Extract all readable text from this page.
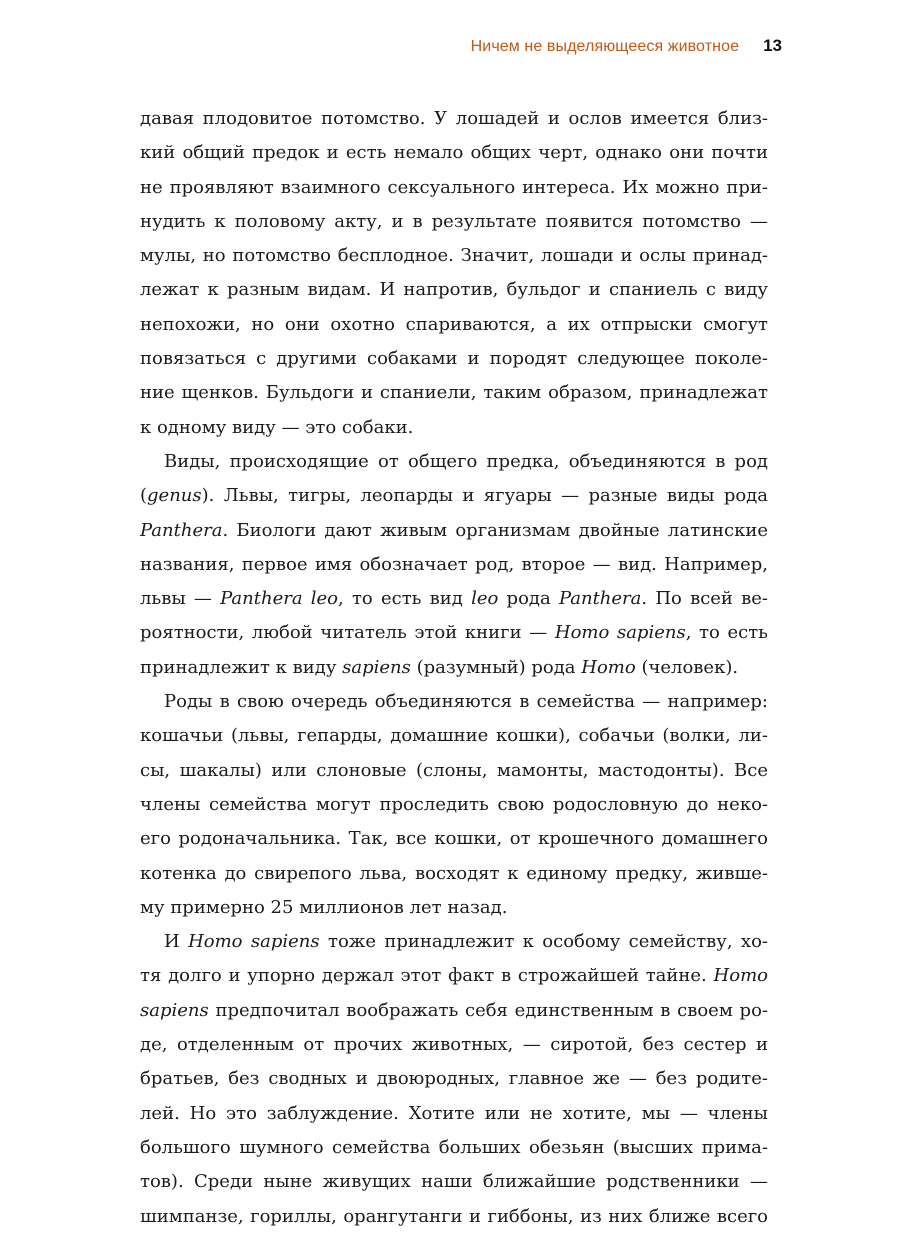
Ничем не выделяющееся животное 13
давая плодовитое потомство. У лошадей и ослов имеется близ-
кий общий предок и есть немало общих черт, однако они почти
не проявляют взаимного сексуального интереса. Их можно при-
нудить к половому акту, и в результате появится потомство —
мулы, но потомство бесплодное. Значит, лошади и ослы принад-
лежат к разным видам. И напротив, бульдог и спаниель с виду
непохожи, но они охотно спариваются, а их отпрыски смогут
повязаться с другими собаками и породят следующее поколе-
ние щенков. Бульдоги и спаниели, таким образом, принадлежат
к одному виду — это собаки.
Виды, происходящие от общего предка, объединяются в род
(genus). Львы, тигры, леопарды и ягуары — разные виды рода
Panthera. Биологи дают живым организмам двойные латинские
названия, первое имя обозначает род, второе — вид. Например,
львы — Panthera leo, то есть вид leo рода Panthera. По всей ве-
роятности, любой читатель этой книги — Homo sapiens, то есть
принадлежит к виду sapiens (разумный) рода Homo (человек).
Роды в свою очередь объединяются в семейства — например:
кошачьи (львы, гепарды, домашние кошки), собачьи (волки, ли-
сы, шакалы) или слоновые (слоны, мамонты, мастодонты). Все
члены семейства могут проследить свою родословную до неко-
его родоначальника. Так, все кошки, от крошечного домашнего
котенка до свирепого льва, восходят к единому предку, жившe-
му примерно 25 миллионов лет назад.
И Homo sapiens тоже принадлежит к особому семейству, хо-
тя долго и упорно держал этот факт в строжайшей тайне. Homo
sapiens предпочитал воображать себя единственным в своем ро-
де, отделенным от прочих животных, — сиротой, без сестер и
братьев, без сводных и двоюродных, главное же — без родите-
лей. Но это заблуждение. Хотите или не хотите, мы — члены
большого шумного семейства больших обезьян (высших прима-
тов). Среди ныне живущих наши ближайшие родственники —
шимпанзе, гориллы, орангутанги и гиббоны, из них ближе всего
